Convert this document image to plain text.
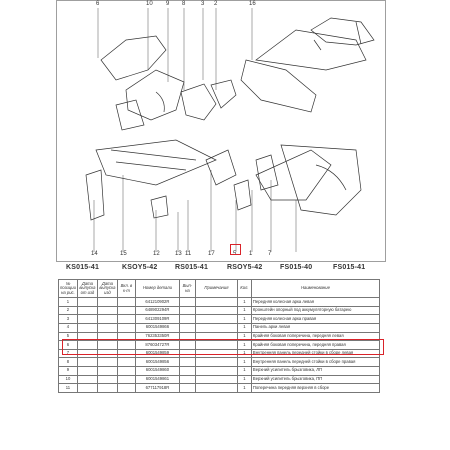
6	10 9 8	3 2	16
14	15	12	13 11	17	5 1	7
KS015-41	KSOY5-42	RS015-41	RSOY5-42	FS015-40	FS015-41
№ позиции на рис.	Дата выпуска от изд	Дата выпуска изд	Вкл. в к-т	Номер детали	Вып-на	Примечания	Кол.	Наименование
1				641210902R			1	Передняя колесная арка левая
2				648902294R			1	Кронштейн опорный под аккумуляторную батарею
3				641309109R			1	Передняя колесная арка правая
4				6001549866			1	Панель арки левая
5				762353350R			1	Крайняя боковая поперечина, передняя левая
6				876034727R			1	Крайняя боковая поперечина, передняя правая
7				6001549859			1	Внутренняя панель передней стойки в сборе левая
8				6001549856			1	Внутренняя панель передней стойки в сборе правая
9				6001549860			1	Верхний усилитель брызговика, ЛП
10				6001549861			1	Верхний усилитель брызговика, ПП
11				677117918R			1	Поперечина передняя верхняя в сборе
